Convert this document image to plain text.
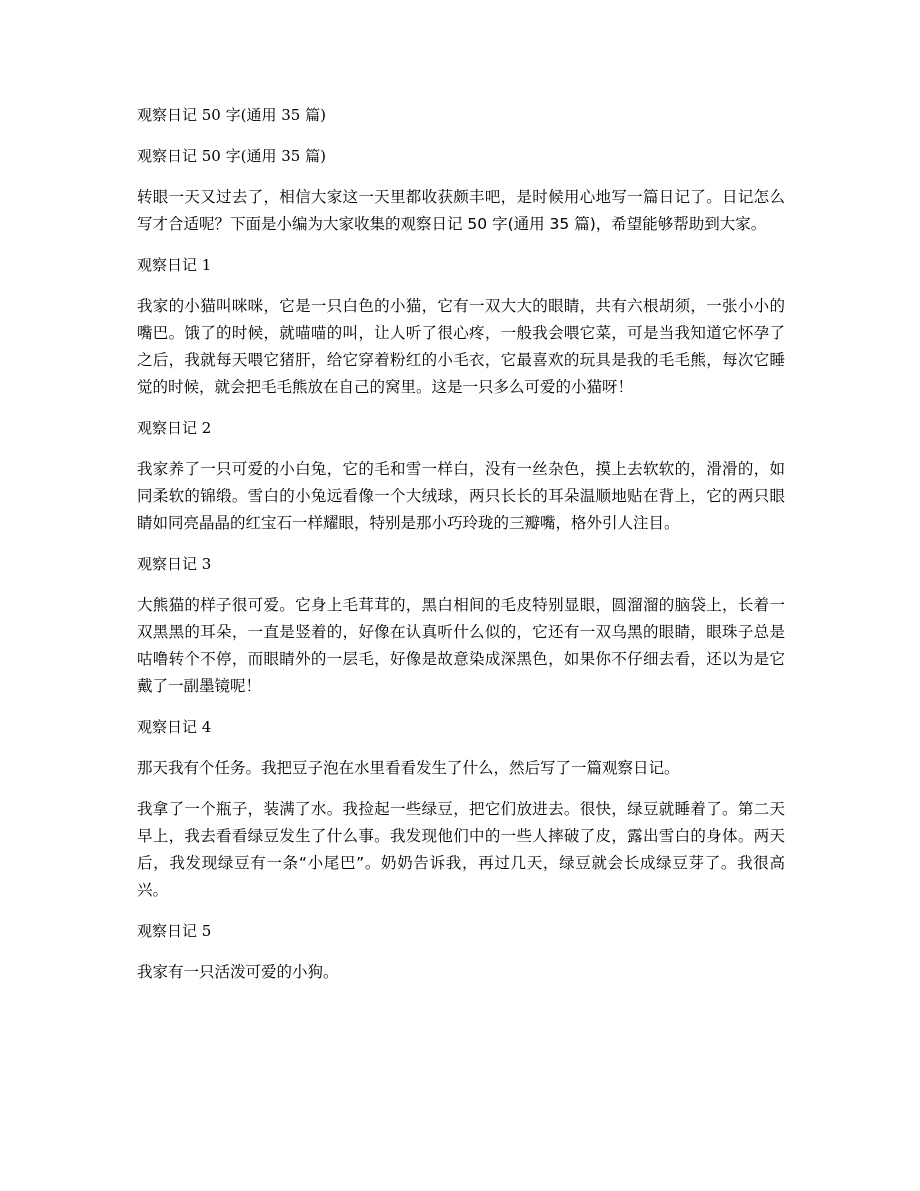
观察日记 50 字(通用 35 篇)

观察日记 50 字(通用 35 篇)

转眼一天又过去了，相信大家这一天里都收获颇丰吧，是时候用心地写一篇日记了。日记怎么写才合适呢？下面是小编为大家收集的观察日记 50 字(通用 35 篇)，希望能够帮助到大家。

观察日记 1

我家的小猫叫咪咪，它是一只白色的小猫，它有一双大大的眼睛，共有六根胡须，一张小小的嘴巴。饿了的时候，就喵喵的叫，让人听了很心疼，一般我会喂它菜，可是当我知道它怀孕了之后，我就每天喂它猪肝，给它穿着粉红的小毛衣，它最喜欢的玩具是我的毛毛熊，每次它睡觉的时候，就会把毛毛熊放在自己的窝里。这是一只多么可爱的小猫呀！

观察日记 2

我家养了一只可爱的小白兔，它的毛和雪一样白，没有一丝杂色，摸上去软软的，滑滑的，如同柔软的锦缎。雪白的小兔远看像一个大绒球，两只长长的耳朵温顺地贴在背上，它的两只眼睛如同亮晶晶的红宝石一样耀眼，特别是那小巧玲珑的三瓣嘴，格外引人注目。

观察日记 3

大熊猫的样子很可爱。它身上毛茸茸的，黑白相间的毛皮特别显眼，圆溜溜的脑袋上，长着一双黑黑的耳朵，一直是竖着的，好像在认真听什么似的，它还有一双乌黑的眼睛，眼珠子总是咕噜转个不停，而眼睛外的一层毛，好像是故意染成深黑色，如果你不仔细去看，还以为是它戴了一副墨镜呢！

观察日记 4

那天我有个任务。我把豆子泡在水里看看发生了什么，然后写了一篇观察日记。

我拿了一个瓶子，装满了水。我捡起一些绿豆，把它们放进去。很快，绿豆就睡着了。第二天早上，我去看看绿豆发生了什么事。我发现他们中的一些人摔破了皮，露出雪白的身体。两天后，我发现绿豆有一条“小尾巴”。奶奶告诉我，再过几天，绿豆就会长成绿豆芽了。我很高兴。

观察日记 5

我家有一只活泼可爱的小狗。
